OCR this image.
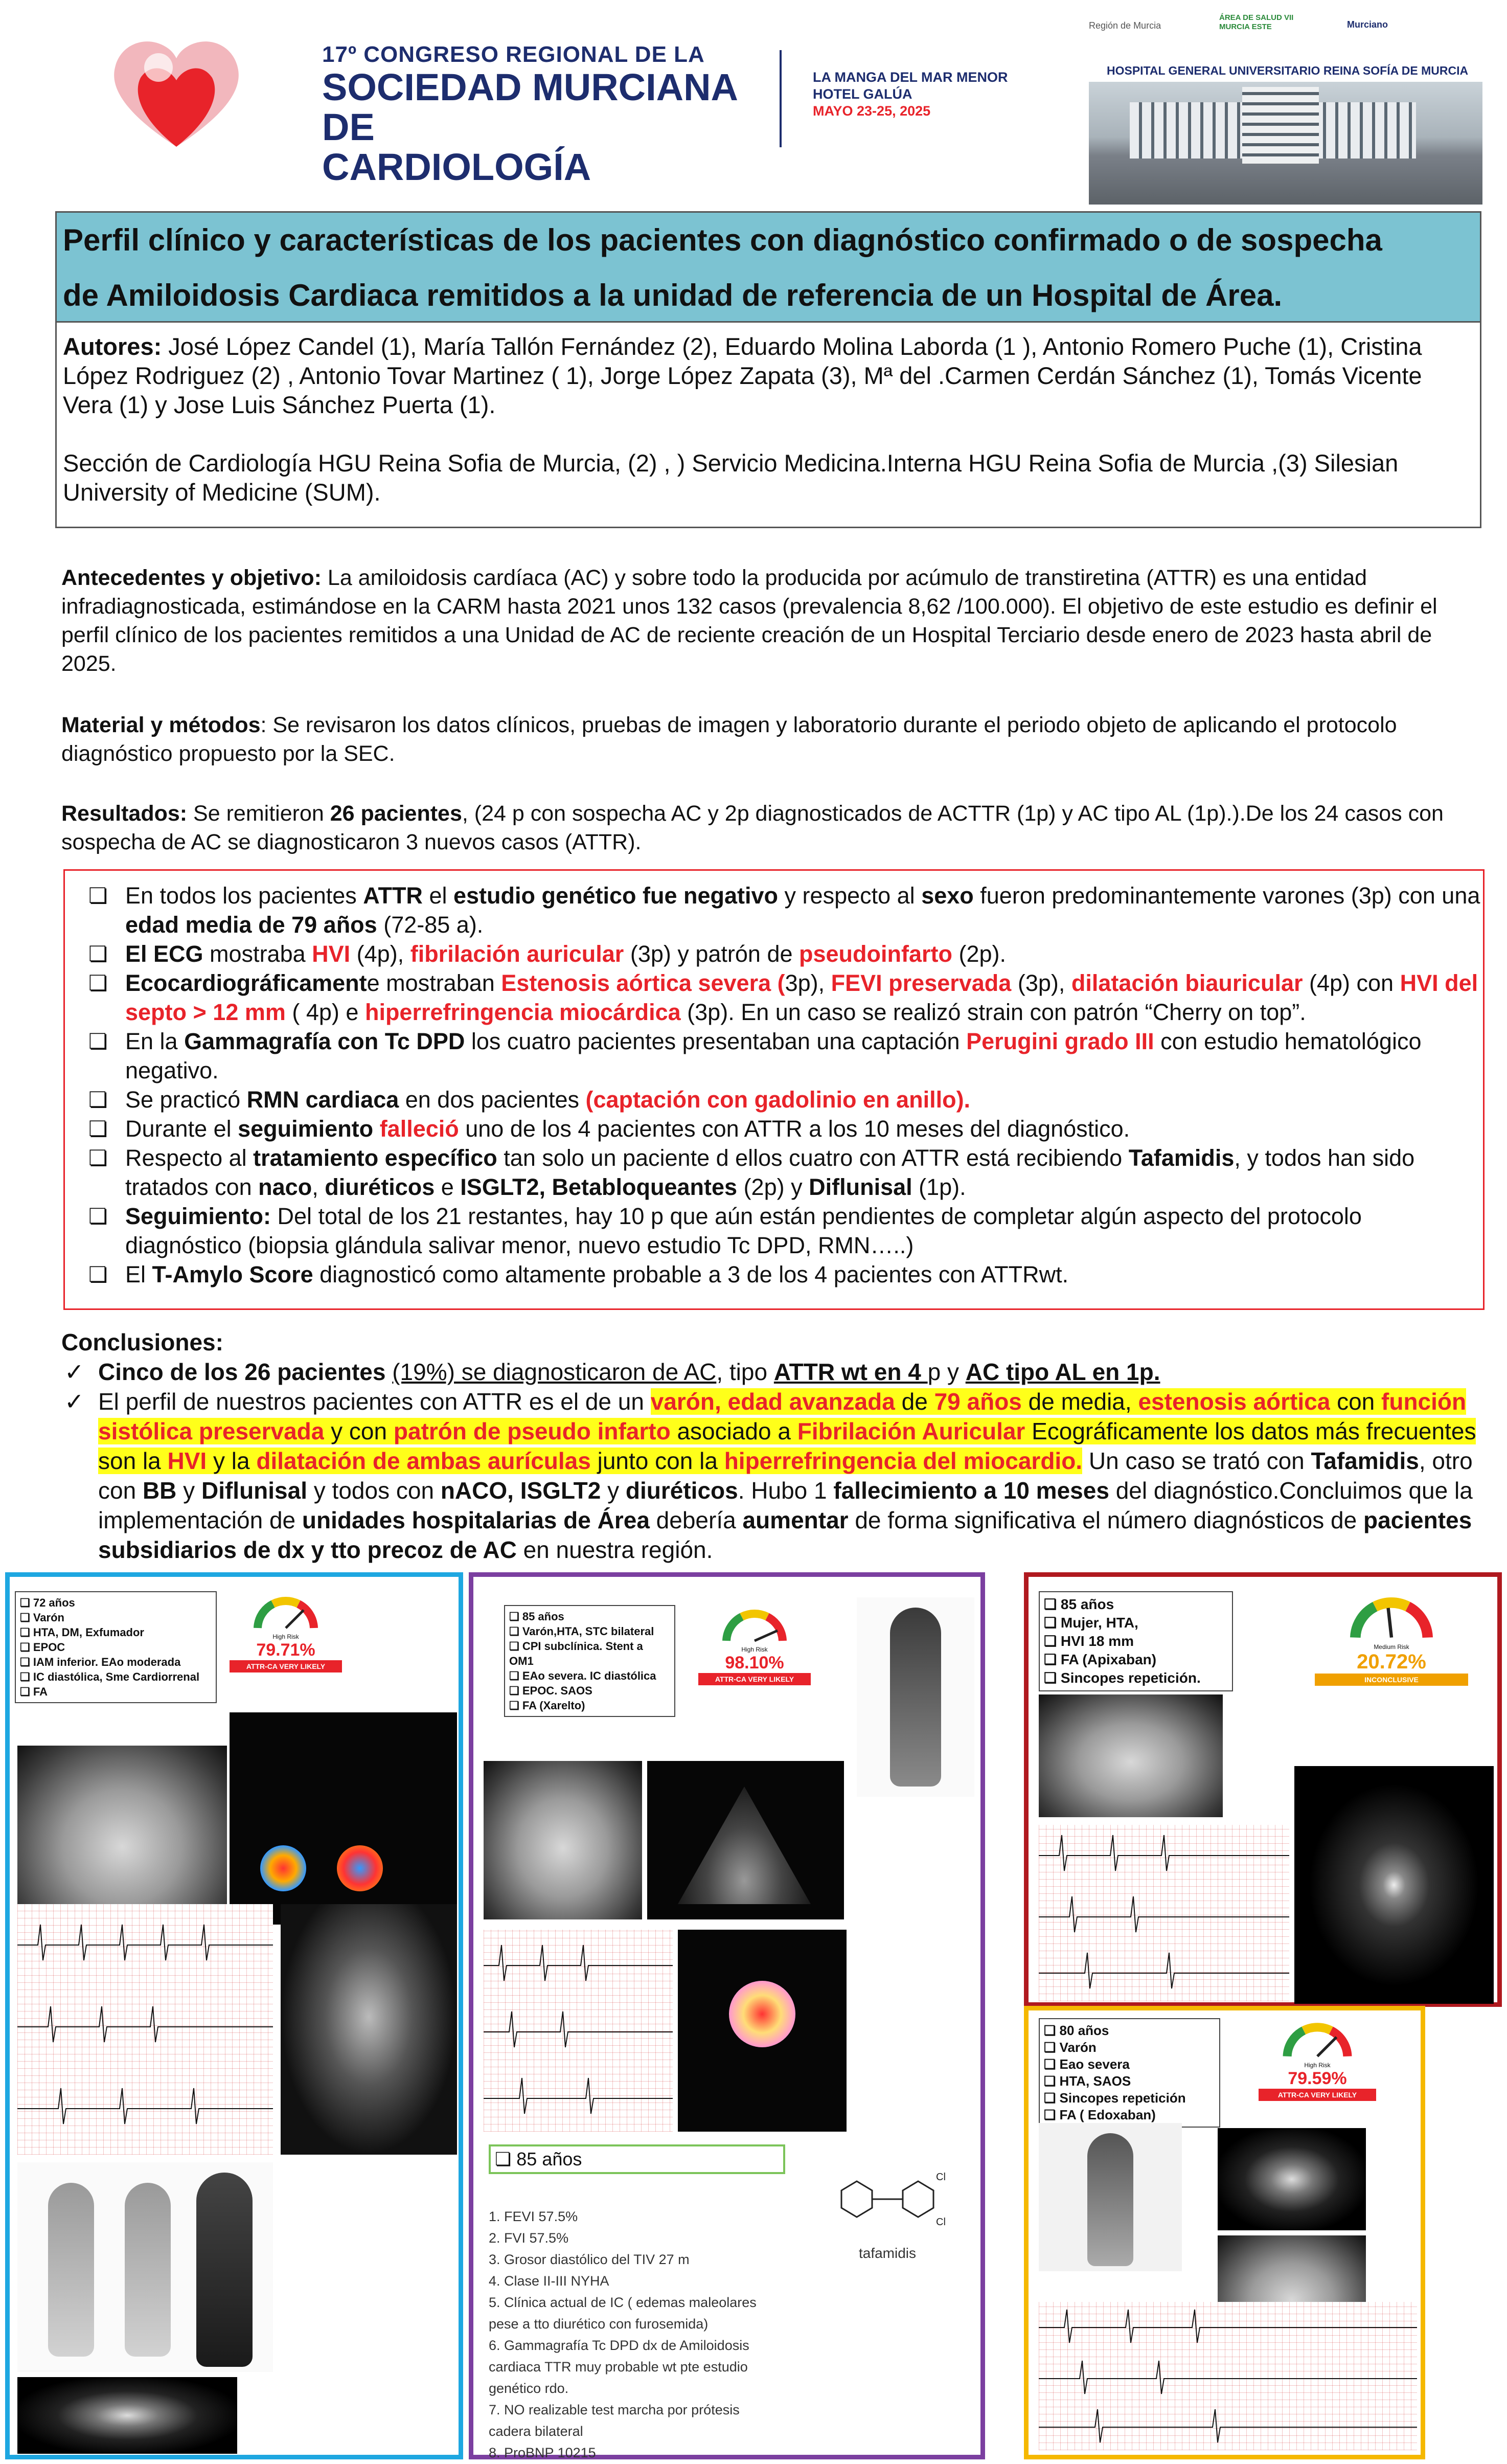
17º CONGRESO REGIONAL DE LA
SOCIEDAD MURCIANA DE
CARDIOLOGÍA
LA MANGA DEL MAR MENOR
HOTEL GALÚA
MAYO 23-25, 2025
Región de Murcia
ÁREA DE SALUD VII MURCIA ESTE	Murciano
HOSPITAL GENERAL UNIVERSITARIO REINA SOFÍA DE MURCIA
Perfil clínico y características de los pacientes con diagnóstico confirmado o de sospecha
de Amiloidosis Cardiaca remitidos a la unidad de referencia de un Hospital de Área.

Autores: José López Candel (1), María Tallón Fernández (2), Eduardo Molina Laborda (1 ), Antonio Romero Puche (1), Cristina López Rodriguez (2) , Antonio Tovar Martinez ( 1), Jorge López Zapata (3), Mª del .Carmen Cerdán Sánchez (1), Tomás Vicente Vera (1) y Jose Luis Sánchez Puerta (1).

Sección de Cardiología HGU Reina Sofia de Murcia, (2) , ) Servicio Medicina.Interna HGU Reina Sofia de Murcia ,(3) Silesian University of Medicine (SUM).

Antecedentes y objetivo: La amiloidosis cardíaca (AC) y sobre todo la producida por acúmulo de transtiretina (ATTR) es una entidad infradiagnosticada, estimándose en la CARM hasta 2021 unos 132 casos (prevalencia 8,62 /100.000). El objetivo de este estudio es definir el perfil clínico de los pacientes remitidos a una Unidad de AC de reciente creación de un Hospital Terciario desde enero de 2023 hasta abril de 2025.
Material y métodos: Se revisaron los datos clínicos, pruebas de imagen y laboratorio durante el periodo objeto de aplicando el protocolo diagnóstico propuesto por la SEC.
Resultados: Se remitieron 26 pacientes, (24 p con sospecha AC y 2p diagnosticados de ACTTR (1p) y AC tipo AL (1p).).De los 24 casos con sospecha de AC se diagnosticaron 3 nuevos casos (ATTR).
❏ En todos los pacientes ATTR el estudio genético fue negativo y respecto al sexo fueron predominantemente varones (3p) con una edad media de 79 años (72-85 a).
❏ El ECG mostraba HVI (4p), fibrilación auricular (3p) y patrón de pseudoinfarto (2p).
❏ Ecocardiográficamente mostraban Estenosis aórtica severa (3p), FEVI preservada (3p), dilatación biauricular (4p) con HVI del septo > 12 mm ( 4p) e hiperrefringencia miocárdica (3p). En un caso se realizó strain con patrón “Cherry on top”.
❏ En la Gammagrafía con Tc DPD los cuatro pacientes presentaban una captación Perugini grado III con estudio hematológico negativo.
❏ Se practicó RMN cardiaca en dos pacientes (captación con gadolinio en anillo).
❏ Durante el seguimiento falleció uno de los 4 pacientes con ATTR a los 10 meses del diagnóstico.
❏ Respecto al tratamiento específico tan solo un paciente d ellos cuatro con ATTR está recibiendo Tafamidis, y todos han sido tratados con naco, diuréticos e ISGLT2, Betabloqueantes (2p) y Diflunisal (1p).
❏ Seguimiento: Del total de los 21 restantes, hay 10 p que aún están pendientes de completar algún aspecto del protocolo diagnóstico (biopsia glándula salivar menor, nuevo estudio Tc DPD, RMN…..)
❏ El T-Amylo Score diagnosticó como altamente probable a 3 de los 4 pacientes con ATTRwt.
Conclusiones:
✓ Cinco de los 26 pacientes (19%) se diagnosticaron de AC, tipo ATTR wt en 4 p y AC tipo AL en 1p.
✓ El perfil de nuestros pacientes con ATTR es el de un varón, edad avanzada de 79 años de media, estenosis aórtica con función sistólica preservada y con patrón de pseudo infarto asociado a Fibrilación Auricular Ecográficamente los datos más frecuentes son la HVI y la dilatación de ambas aurículas junto con la hiperrefringencia del miocardio. Un caso se trató con Tafamidis, otro con BB y Diflunisal y todos con nACO, ISGLT2 y diuréticos. Hubo 1 fallecimiento a 10 meses del diagnóstico.Concluimos que la implementación de unidades hospitalarias de Área debería aumentar de forma significativa el número diagnósticos de pacientes subsidiarios de dx y tto precoz de AC en nuestra región.
❏ 72 años
❏ Varón
❏ HTA, DM, Exfumador
❏ EPOC
❏ IAM inferior. EAo moderada
❏ IC diastólica, Sme Cardiorrenal
❏ FA
High Risk
79.71%
ATTR-CA VERY LIKELY
❏ 85 años
❏ Varón,HTA, STC bilateral
❏ CPI subclínica. Stent a OM1
❏ EAo severa. IC diastólica
❏ EPOC. SAOS
❏ FA (Xarelto)
High Risk
98.10%
ATTR-CA VERY LIKELY
❏ 85 años
1. FEVI 57.5%
2. FVI 57.5%
3. Grosor diastólico del TIV 27 m
4. Clase II-III NYHA
5. Clínica actual de IC ( edemas maleolares pese a tto diurético con furosemida)
6. Gammagrafía Tc DPD dx de Amiloidosis cardiaca TTR muy probable wt pte estudio genético rdo.
7. NO realizable test marcha por prótesis cadera bilateral
8. ProBNP 10215
Cl
Cl
tafamidis
❏ 85 años
❏ Mujer, HTA,
❏ HVI 18 mm
❏ FA (Apixaban)
❏ Sincopes repetición.
Medium Risk
20.72%
INCONCLUSIVE
❏ 80 años
❏ Varón
❏ Eao severa
❏ HTA, SAOS
❏ Sincopes repetición
❏ FA ( Edoxaban)
High Risk
79.59%
ATTR-CA VERY LIKELY
